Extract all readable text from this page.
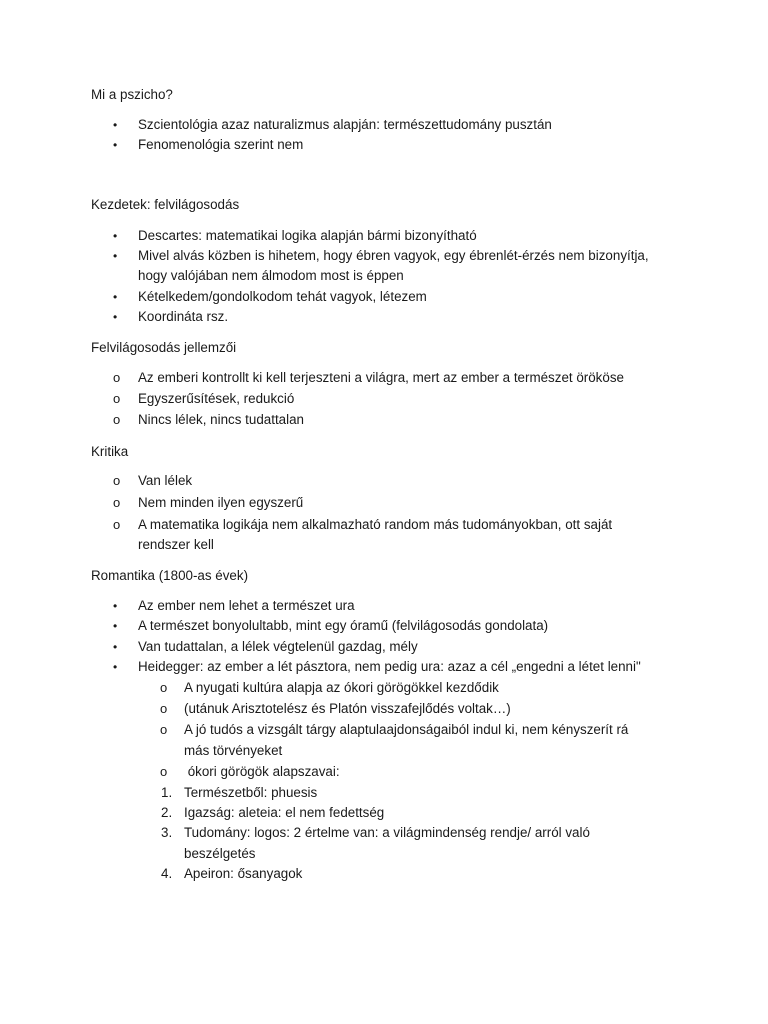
Mi a pszicho?
• Szcientológia azaz naturalizmus alapján: természettudomány pusztán
• Fenomenológia szerint nem
Kezdetek: felvilágosodás
• Descartes: matematikai logika alapján bármi bizonyítható
• Mivel alvás közben is hihetem, hogy ébren vagyok, egy ébrenlét-érzés nem bizonyítja,
hogy valójában nem álmodom most is éppen
• Kételkedem/gondolkodom tehát vagyok, létezem
• Koordináta rsz.
Felvilágosodás jellemzői
o Az emberi kontrollt ki kell terjeszteni a világra, mert az ember a természet örököse
o Egyszerűsítések, redukció
o Nincs lélek, nincs tudattalan
Kritika
o Van lélek
o Nem minden ilyen egyszerű
o A matematika logikája nem alkalmazható random más tudományokban, ott saját
rendszer kell
Romantika (1800-as évek)
• Az ember nem lehet a természet ura
• A természet bonyolultabb, mint egy óramű (felvilágosodás gondolata)
• Van tudattalan, a lélek végtelenül gazdag, mély
• Heidegger: az ember a lét pásztora, nem pedig ura: azaz a cél „engedni a létet lenni"
o A nyugati kultúra alapja az ókori görögökkel kezdődik
o (utánuk Arisztotelész és Platón visszafejlődés voltak…)
o A jó tudós a vizsgált tárgy alaptulaajdonságaiból indul ki, nem kényszerít rá
más törvényeket
o ókori görögök alapszavai:
1. Természetből: phuesis
2. Igazság: aleteia: el nem fedettség
3. Tudomány: logos: 2 értelme van: a világmindenség rendje/ arról való
beszélgetés
4. Apeiron: ősanyagok
